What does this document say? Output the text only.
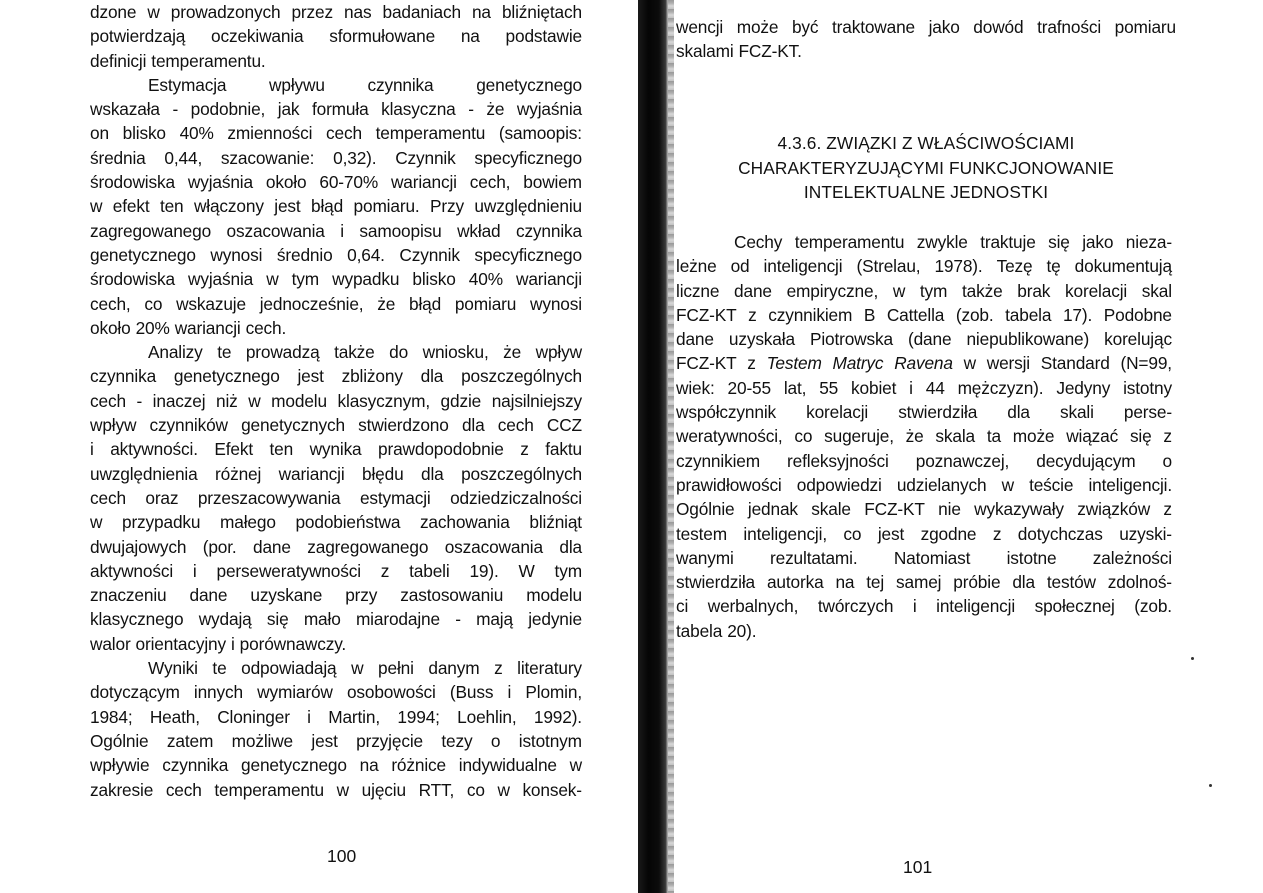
dzone w prowadzonych przez nas badaniach na bliźniętach
potwierdzają oczekiwania sformułowane na podstawie
definicji temperamentu.
Estymacja wpływu czynnika genetycznego
wskazała - podobnie, jak formuła klasyczna - że wyjaśnia
on blisko 40% zmienności cech temperamentu (samoopis:
średnia 0,44, szacowanie: 0,32). Czynnik specyficznego
środowiska wyjaśnia około 60-70% wariancji cech, bowiem
w efekt ten włączony jest błąd pomiaru. Przy uwzględnieniu
zagregowanego oszacowania i samoopisu wkład czynnika
genetycznego wynosi średnio 0,64. Czynnik specyficznego
środowiska wyjaśnia w tym wypadku blisko 40% wariancji
cech, co wskazuje jednocześnie, że błąd pomiaru wynosi
około 20% wariancji cech.
Analizy te prowadzą także do wniosku, że wpływ
czynnika genetycznego jest zbliżony dla poszczególnych
cech - inaczej niż w modelu klasycznym, gdzie najsilniejszy
wpływ czynników genetycznych stwierdzono dla cech CCZ
i aktywności. Efekt ten wynika prawdopodobnie z faktu
uwzględnienia różnej wariancji błędu dla poszczególnych
cech oraz przeszacowywania estymacji odziedziczalności
w przypadku małego podobieństwa zachowania bliźniąt
dwujajowych (por. dane zagregowanego oszacowania dla
aktywności i perseweratywności z tabeli 19). W tym
znaczeniu dane uzyskane przy zastosowaniu modelu
klasycznego wydają się mało miarodajne - mają jedynie
walor orientacyjny i porównawczy.
Wyniki te odpowiadają w pełni danym z literatury
dotyczącym innych wymiarów osobowości (Buss i Plomin,
1984; Heath, Cloninger i Martin, 1994; Loehlin, 1992).
Ogólnie zatem możliwe jest przyjęcie tezy o istotnym
wpływie czynnika genetycznego na różnice indywidualne w
zakresie cech temperamentu w ujęciu RTT, co w konsek-
100
wencji może być traktowane jako dowód trafności pomiaru
skalami FCZ-KT.
4.3.6. ZWIĄZKI Z WŁAŚCIWOŚCIAMI
CHARAKTERYZUJĄCYMI FUNKCJONOWANIE
INTELEKTUALNE JEDNOSTKI
Cechy temperamentu zwykle traktuje się jako nieza-
leżne od inteligencji (Strelau, 1978). Tezę tę dokumentują
liczne dane empiryczne, w tym także brak korelacji skal
FCZ-KT z czynnikiem B Cattella (zob. tabela 17). Podobne
dane uzyskała Piotrowska (dane niepublikowane) korelując
FCZ-KT z Testem Matryc Ravena w wersji Standard (N=99,
wiek: 20-55 lat, 55 kobiet i 44 mężczyzn). Jedyny istotny
współczynnik korelacji stwierdziła dla skali perse-
weratywności, co sugeruje, że skala ta może wiązać się z
czynnikiem refleksyjności poznawczej, decydującym o
prawidłowości odpowiedzi udzielanych w teście inteligencji.
Ogólnie jednak skale FCZ-KT nie wykazywały związków z
testem inteligencji, co jest zgodne z dotychczas uzyski-
wanymi rezultatami. Natomiast istotne zależności
stwierdziła autorka na tej samej próbie dla testów zdolnoś-
ci werbalnych, twórczych i inteligencji społecznej (zob.
tabela 20).
101
